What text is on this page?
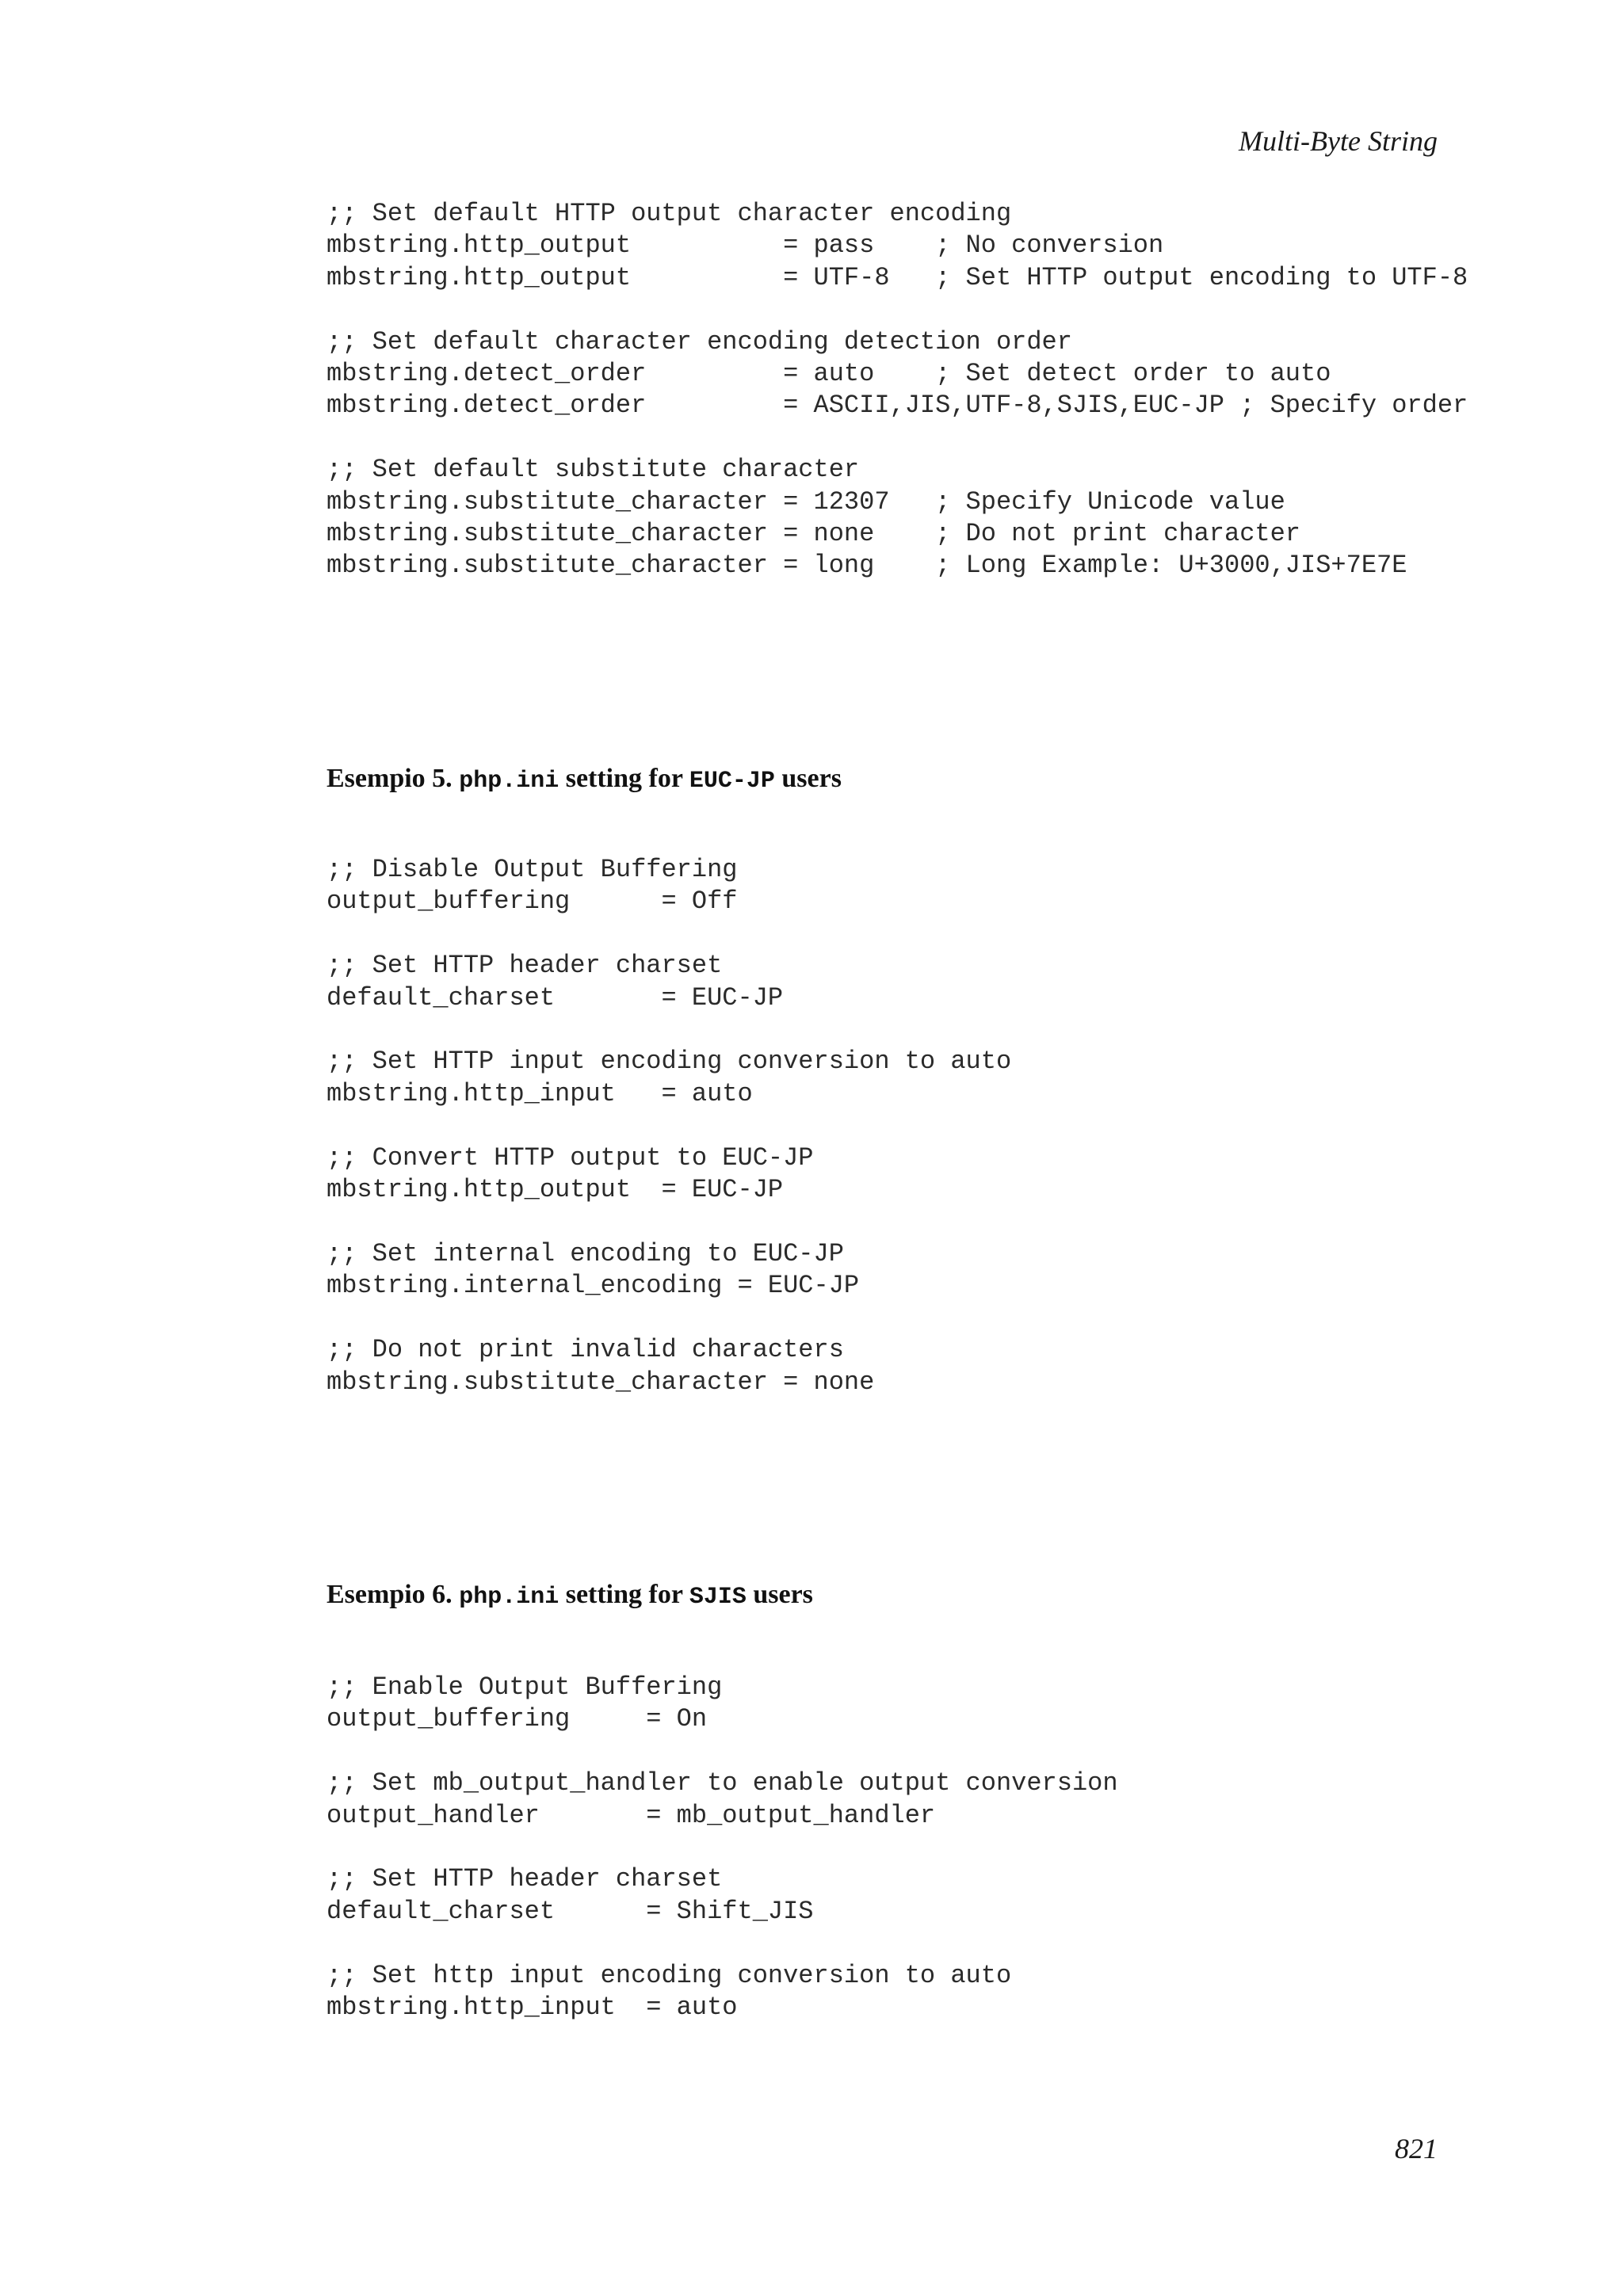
Multi-Byte String
;; Set default HTTP output character encoding
mbstring.http_output          = pass    ; No conversion
mbstring.http_output          = UTF-8   ; Set HTTP output encoding to UTF-8

;; Set default character encoding detection order
mbstring.detect_order         = auto    ; Set detect order to auto
mbstring.detect_order         = ASCII,JIS,UTF-8,SJIS,EUC-JP ; Specify order

;; Set default substitute character
mbstring.substitute_character = 12307   ; Specify Unicode value
mbstring.substitute_character = none    ; Do not print character
mbstring.substitute_character = long    ; Long Example: U+3000,JIS+7E7E
Esempio 5. php.ini setting for EUC-JP users
;; Disable Output Buffering
output_buffering      = Off

;; Set HTTP header charset
default_charset       = EUC-JP

;; Set HTTP input encoding conversion to auto
mbstring.http_input   = auto

;; Convert HTTP output to EUC-JP
mbstring.http_output  = EUC-JP

;; Set internal encoding to EUC-JP
mbstring.internal_encoding = EUC-JP

;; Do not print invalid characters
mbstring.substitute_character = none
Esempio 6. php.ini setting for SJIS users
;; Enable Output Buffering
output_buffering     = On

;; Set mb_output_handler to enable output conversion
output_handler       = mb_output_handler

;; Set HTTP header charset
default_charset      = Shift_JIS

;; Set http input encoding conversion to auto
mbstring.http_input  = auto
821
